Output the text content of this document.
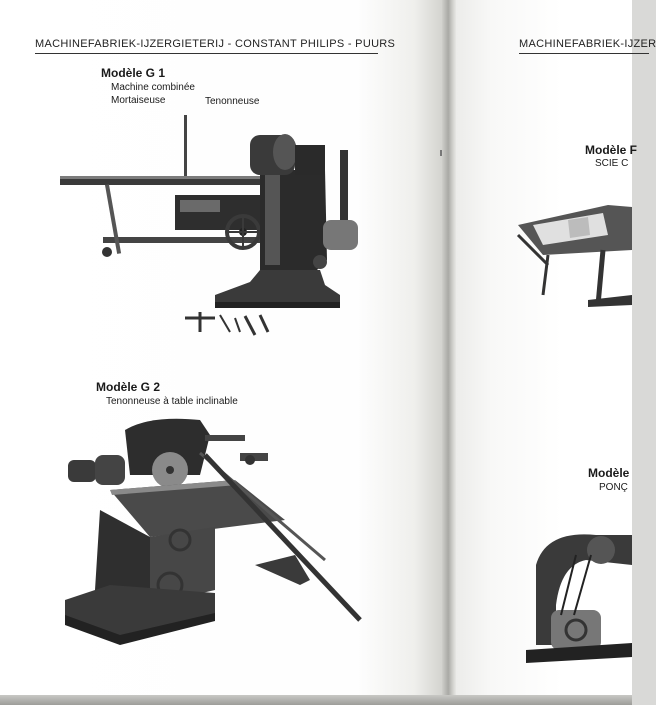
MACHINEFABRIEK-IJZERGIETERIJ - CONSTANT PHILIPS - PUURS
Modèle G 1
Machine combinée
Mortaiseuse	Tenonneuse
Modèle G 2
Tenonneuse à table inclinable
MACHINEFABRIEK-IJZER
Modèle F
SCIE C
Modèle
PONÇ
